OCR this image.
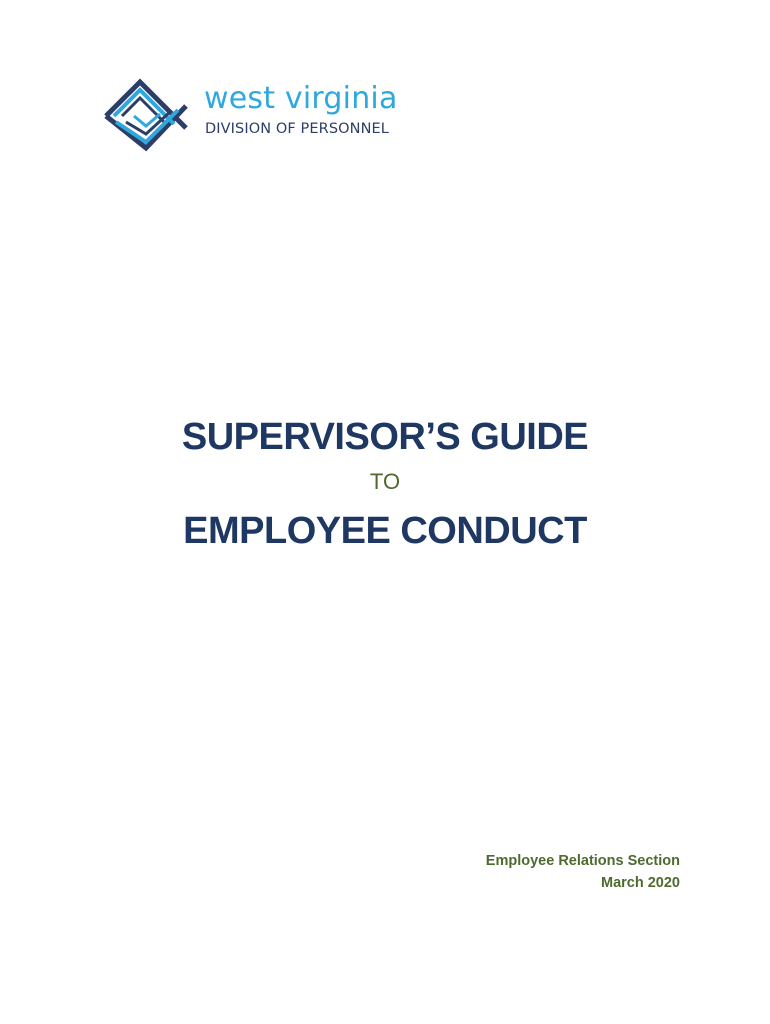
west virginia
DIVISION OF PERSONNEL
SUPERVISOR’S GUIDE
TO
EMPLOYEE CONDUCT
Employee Relations Section
March 2020
